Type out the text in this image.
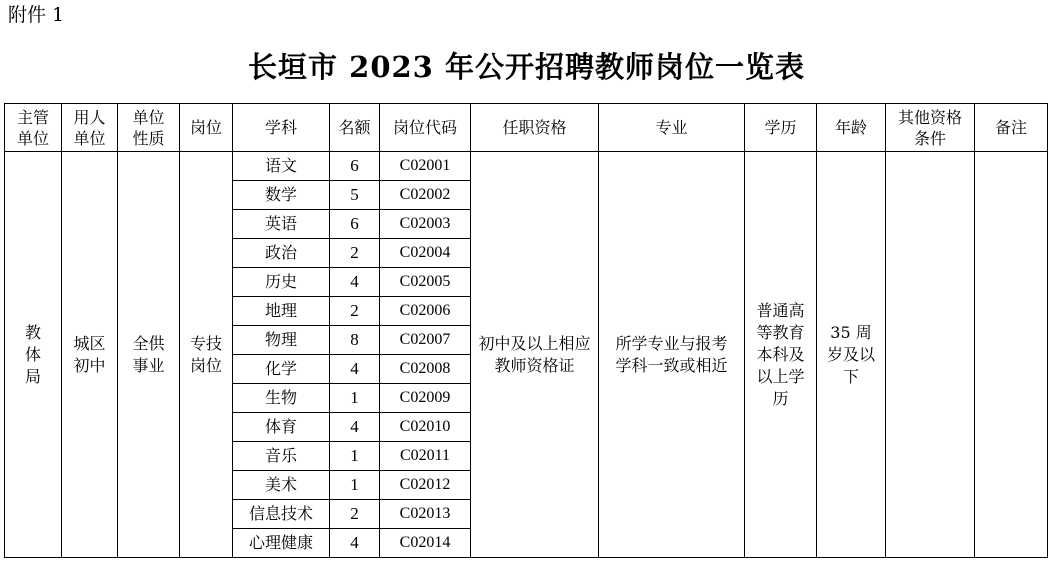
附件 1
长垣市 2023 年公开招聘教师岗位一览表
主管单位	用人单位	单位性质	岗位	学科	名额	岗位代码	任职资格	专业	学历	年龄	其他资格条件	备注
教体局	城区初中	全供事业	专技岗位	语文	6	C02001	初中及以上相应教师资格证	所学专业与报考学科一致或相近	普通高等教育本科及以上学历	35 周岁及以下		
				数学	5	C02002						
				英语	6	C02003						
				政治	2	C02004						
				历史	4	C02005						
				地理	2	C02006						
				物理	8	C02007						
				化学	4	C02008						
				生物	1	C02009						
				体育	4	C02010						
				音乐	1	C02011						
				美术	1	C02012						
				信息技术	2	C02013						
				心理健康	4	C02014						
